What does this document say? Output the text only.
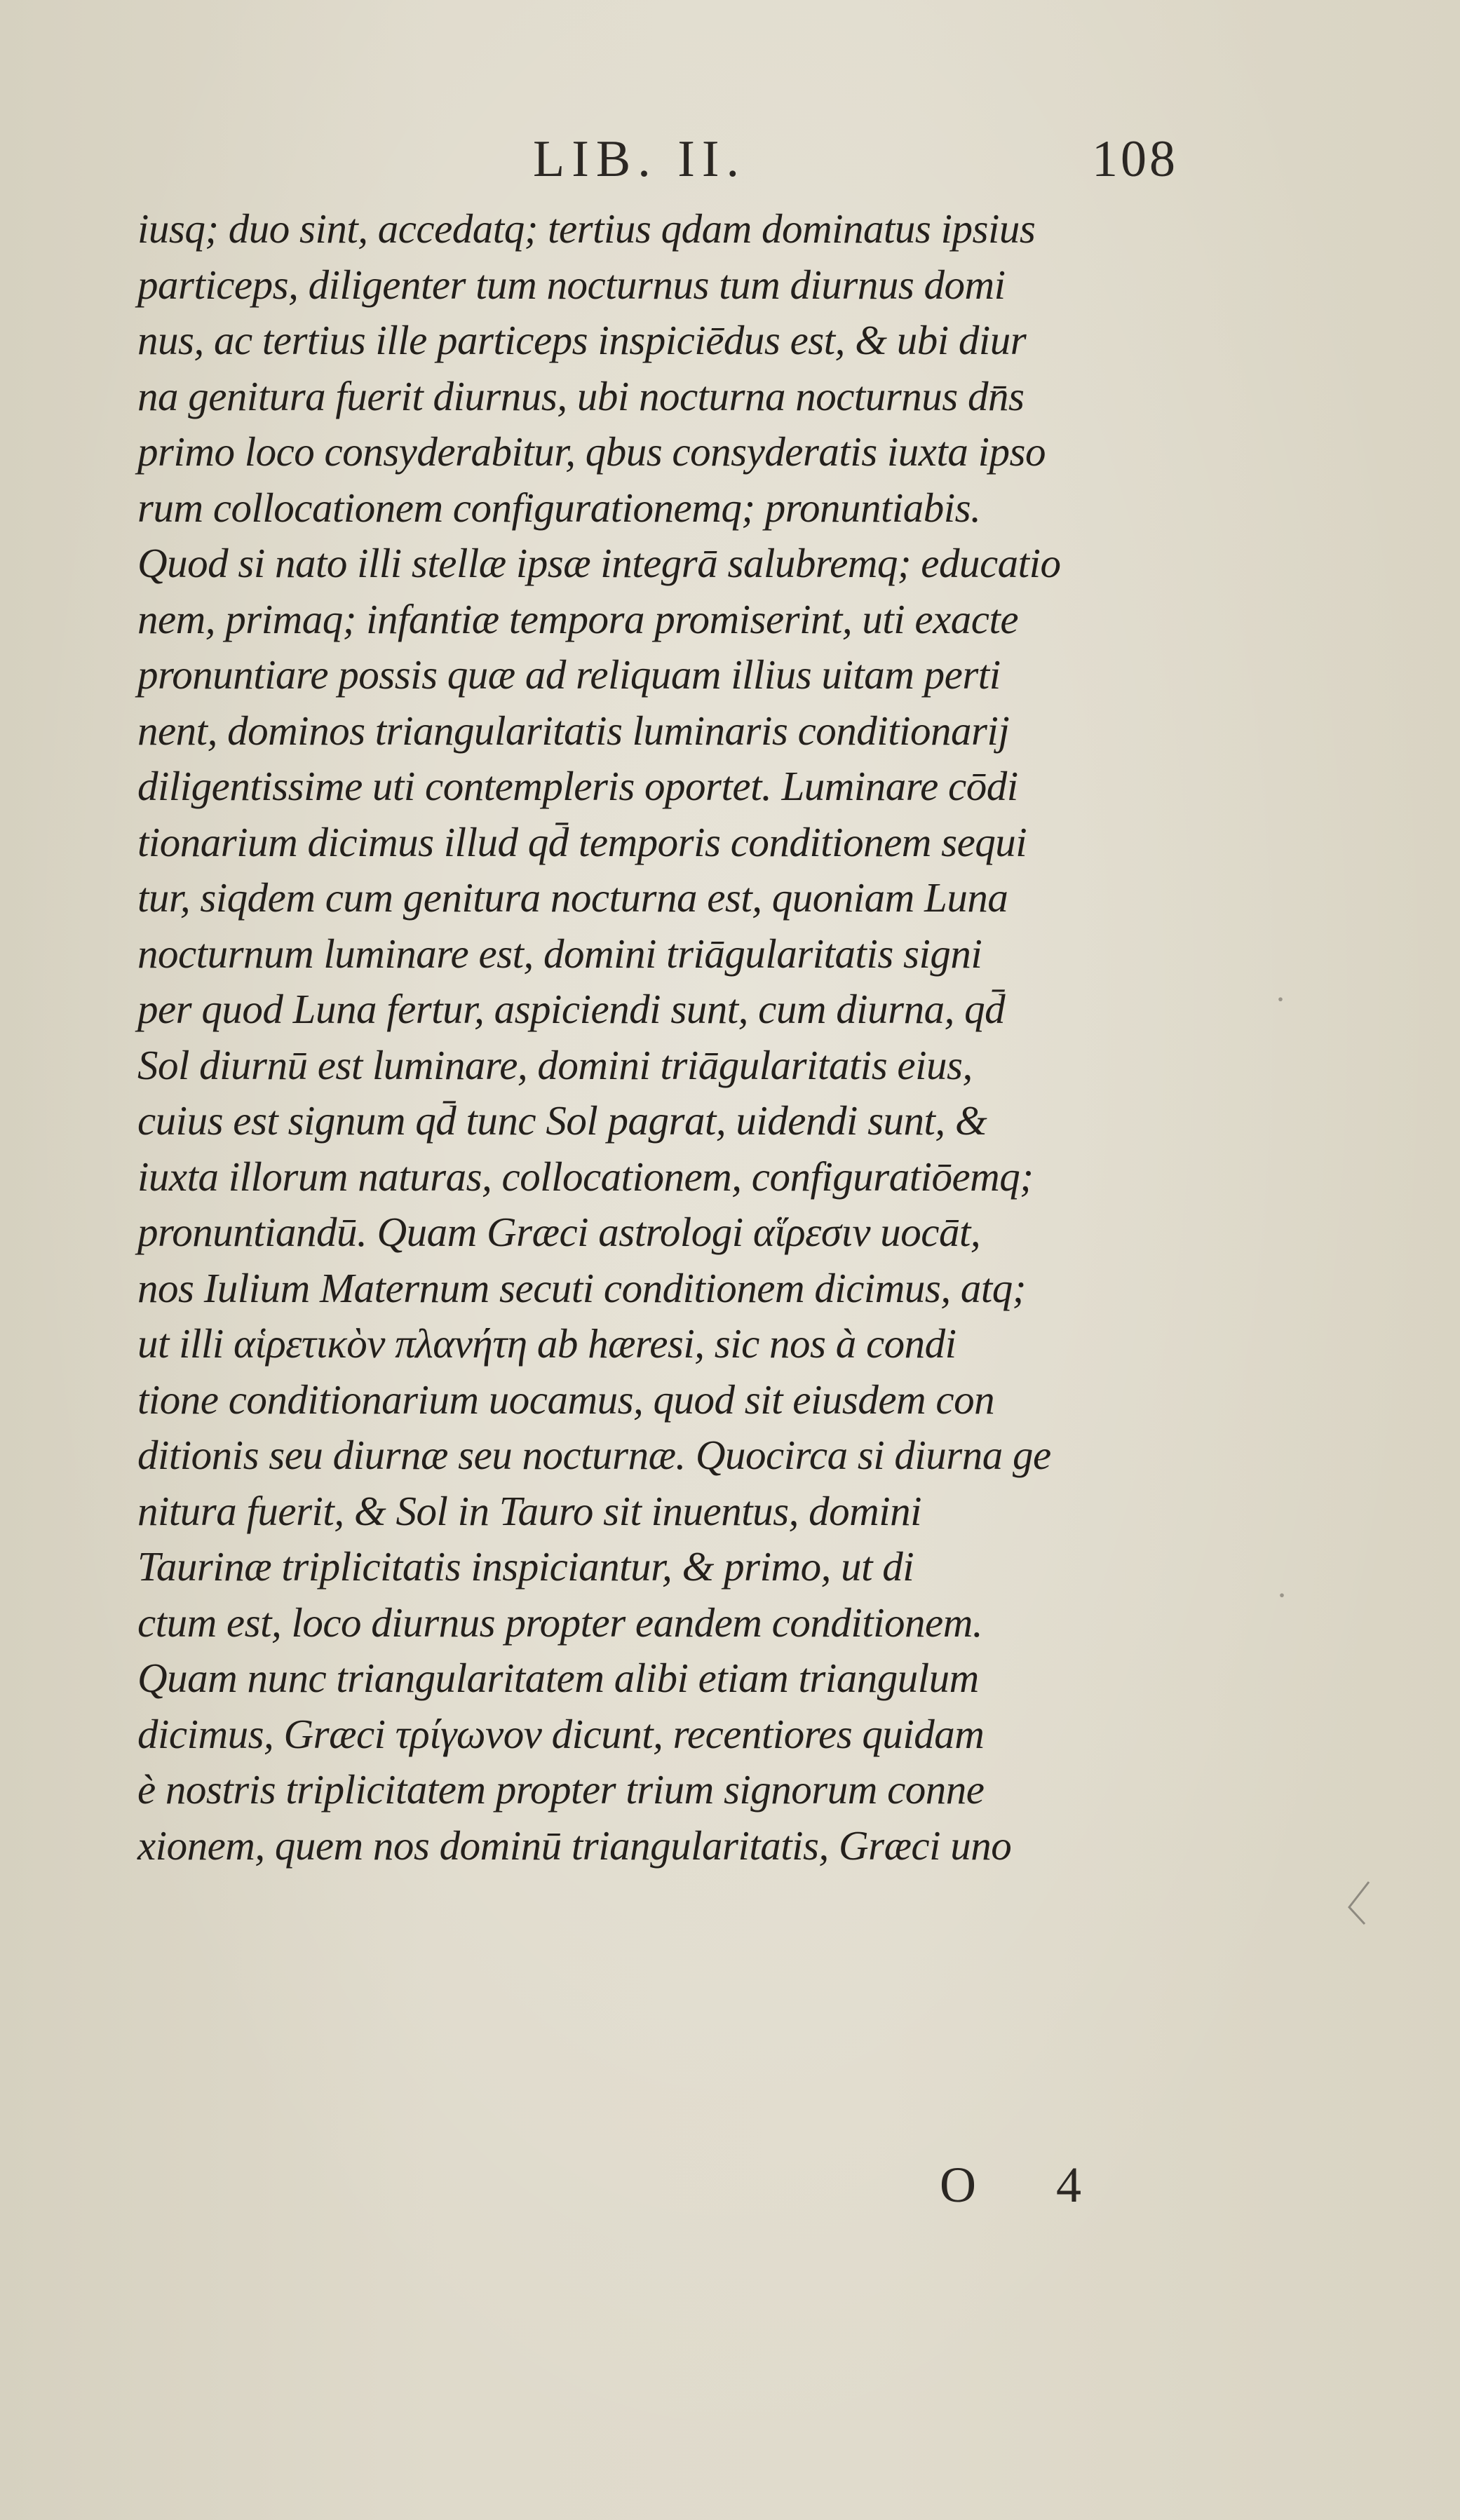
LIB. II.	108
iusq; duo sint, accedatq; tertius qdam dominatus ipsius
particeps, diligenter tum nocturnus tum diurnus domi
nus, ac tertius ille particeps inspiciēdus est, & ubi diur
na genitura fuerit diurnus, ubi nocturna nocturnus dn̄s
primo loco consyderabitur, qbus consyderatis iuxta ipso
rum collocationem configurationemq; pronuntiabis.
Quod si nato illi stellæ ipsæ integrā salubremq; educatio
nem, primaq; infantiæ tempora promiserint, uti exacte
pronuntiare possis quæ ad reliquam illius uitam perti
nent, dominos triangularitatis luminaris conditionarij
diligentissime uti contempleris oportet. Luminare cōdi
tionarium dicimus illud qd̄ temporis conditionem sequi
tur, siqdem cum genitura nocturna est, quoniam Luna
nocturnum luminare est, domini triāgularitatis signi
per quod Luna fertur, aspiciendi sunt, cum diurna, qd̄
Sol diurnū est luminare, domini triāgularitatis eius,
cuius est signum qd̄ tunc Sol pagrat, uidendi sunt, &
iuxta illorum naturas, collocationem, configuratiōemq;
pronuntiandū. Quam Græci astrologi αἵρεσιν uocāt,
nos Iulium Maternum secuti conditionem dicimus, atq;
ut illi αἱρετικὸν πλανήτη ab hæresi, sic nos à condi
tione conditionarium uocamus, quod sit eiusdem con
ditionis seu diurnæ seu nocturnæ. Quocirca si diurna ge
nitura fuerit, & Sol in Tauro sit inuentus, domini
Taurinæ triplicitatis inspiciantur, & primo, ut di
ctum est, loco diurnus propter eandem conditionem.
Quam nunc triangularitatem alibi etiam triangulum
dicimus, Græci τρίγωνον dicunt, recentiores quidam
è nostris triplicitatem propter trium signorum conne
xionem, quem nos dominū triangularitatis, Græci uno
O 4
·
·
